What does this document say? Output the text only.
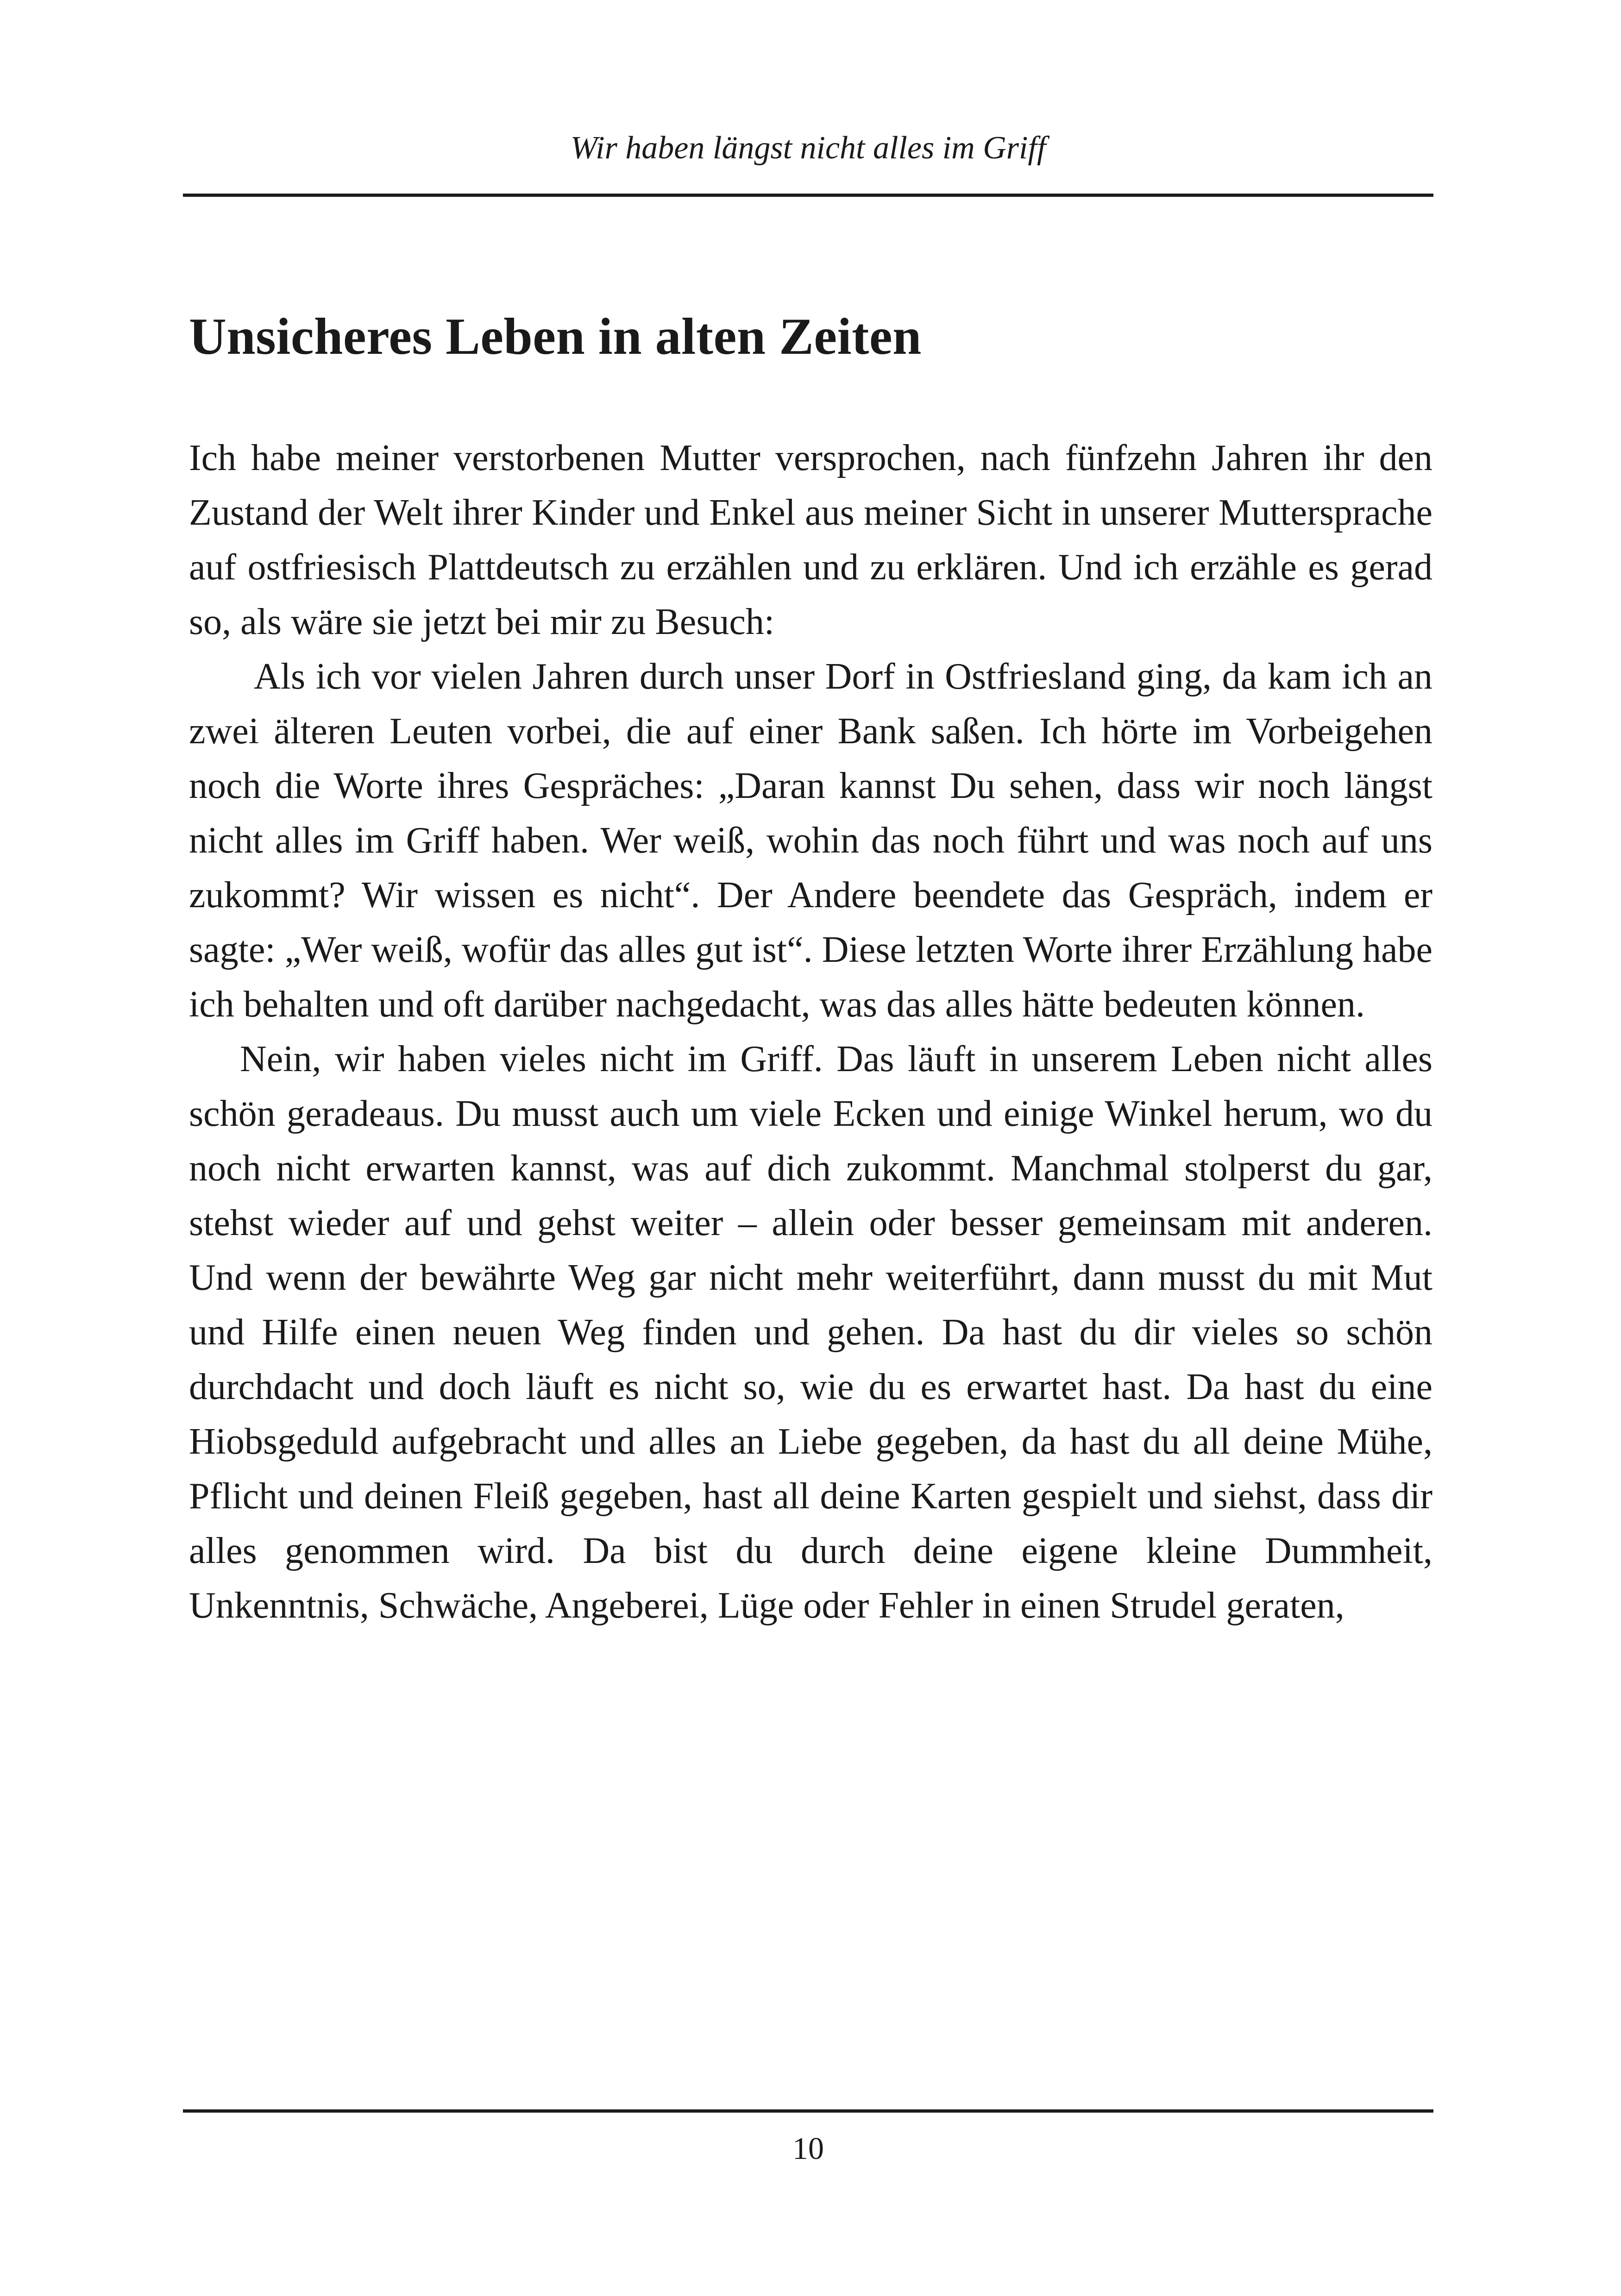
Wir haben längst nicht alles im Griff
Unsicheres Leben in alten Zeiten

Ich habe meiner verstorbenen Mutter versprochen, nach fünfzehn Jahren ihr den Zustand der Welt ihrer Kinder und Enkel aus meiner Sicht in unserer Muttersprache auf ostfriesisch Plattdeutsch zu erzählen und zu erklären. Und ich erzähle es gerad so, als wäre sie jetzt bei mir zu Besuch:

Als ich vor vielen Jahren durch unser Dorf in Ostfriesland ging, da kam ich an zwei älteren Leuten vorbei, die auf einer Bank saßen. Ich hörte im Vorbeigehen noch die Worte ihres Gespräches: „Daran kannst Du sehen, dass wir noch längst nicht alles im Griff haben. Wer weiß, wohin das noch führt und was noch auf uns zukommt? Wir wissen es nicht“. Der Andere beendete das Gespräch, indem er sagte: „Wer weiß, wofür das alles gut ist“. Diese letzten Worte ihrer Erzählung habe ich behalten und oft darüber nachgedacht, was das alles hätte bedeuten können.

Nein, wir haben vieles nicht im Griff. Das läuft in unserem Leben nicht alles schön geradeaus. Du musst auch um viele Ecken und einige Winkel herum, wo du noch nicht erwarten kannst, was auf dich zukommt. Manchmal stolperst du gar, stehst wieder auf und gehst weiter – allein oder besser gemeinsam mit anderen. Und wenn der bewährte Weg gar nicht mehr weiterführt, dann musst du mit Mut und Hilfe einen neuen Weg finden und gehen. Da hast du dir vieles so schön durchdacht und doch läuft es nicht so, wie du es erwartet hast. Da hast du eine Hiobsgeduld aufgebracht und alles an Liebe gegeben, da hast du all deine Mühe, Pflicht und deinen Fleiß gegeben, hast all deine Karten gespielt und siehst, dass dir alles genommen wird. Da bist du durch deine eigene kleine Dummheit, Unkenntnis, Schwäche, Angeberei, Lüge oder Fehler in einen Strudel geraten,

10
